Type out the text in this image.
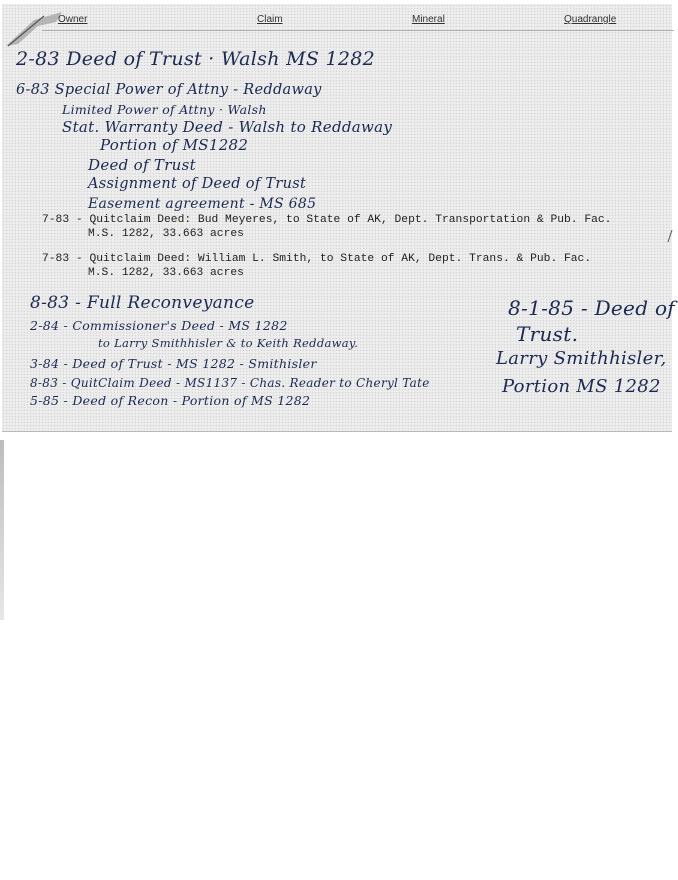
Owner	Claim	Mineral	Quadrangle

2-83 Deed of Trust · Walsh MS 1282

6-83 Special Power of Attny - Reddaway

Limited Power of Attny · Walsh

Stat. Warranty Deed - Walsh to Reddaway

Portion of MS1282

Deed of Trust

Assignment of Deed of Trust

Easement agreement - MS 685

7-83 - Quitclaim Deed: Bud Meyeres, to State of AK, Dept. Transportation & Pub. Fac.

M.S. 1282, 33.663 acres

7-83 - Quitclaim Deed: William L. Smith, to State of AK, Dept. Trans. & Pub. Fac.

M.S. 1282, 33.663 acres

8-83 - Full Reconveyance

2-84 - Commissioner's Deed - MS 1282

to Larry Smithhisler & to Keith Reddaway.

3-84 - Deed of Trust - MS 1282 - Smithisler

8-83 - QuitClaim Deed - MS1137 - Chas. Reader to Cheryl Tate

5-85 - Deed of Recon - Portion of MS 1282

8-1-85 - Deed of

Trust.

Larry Smithhisler,

Portion MS 1282
